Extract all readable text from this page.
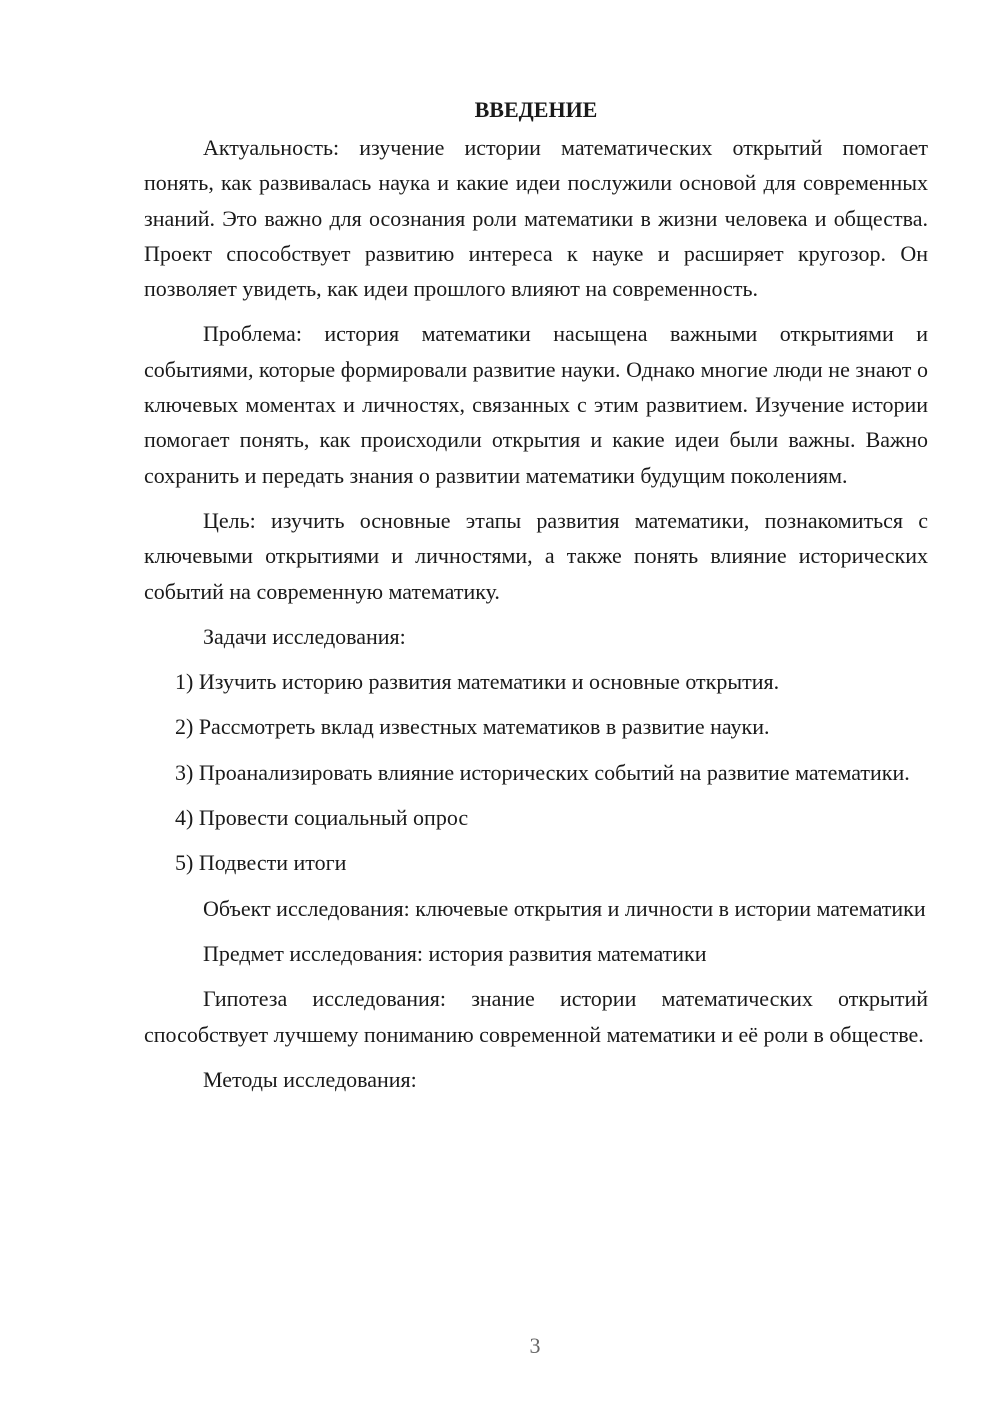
ВВЕДЕНИЕ

Актуальность: изучение истории математических открытий помогает понять, как развивалась наука и какие идеи послужили основой для современных знаний. Это важно для осознания роли математики в жизни человека и общества. Проект способствует развитию интереса к науке и расширяет кругозор. Он позволяет увидеть, как идеи прошлого влияют на современность.

Проблема: история математики насыщена важными открытиями и событиями, которые формировали развитие науки. Однако многие люди не знают о ключевых моментах и личностях, связанных с этим развитием. Изучение истории помогает понять, как происходили открытия и какие идеи были важны. Важно сохранить и передать знания о развитии математики будущим поколениям.

Цель: изучить основные этапы развития математики, познакомиться с ключевыми открытиями и личностями, а также понять влияние исторических событий на современную математику.

Задачи исследования:

1) Изучить историю развития математики и основные открытия.

2) Рассмотреть вклад известных математиков в развитие науки.

3) Проанализировать влияние исторических событий на развитие математики.

4) Провести социальный опрос

5) Подвести итоги

Объект исследования: ключевые открытия и личности в истории математики

Предмет исследования: история развития математики

Гипотеза исследования: знание истории математических открытий способствует лучшему пониманию современной математики и её роли в обществе.

Методы исследования:

3
